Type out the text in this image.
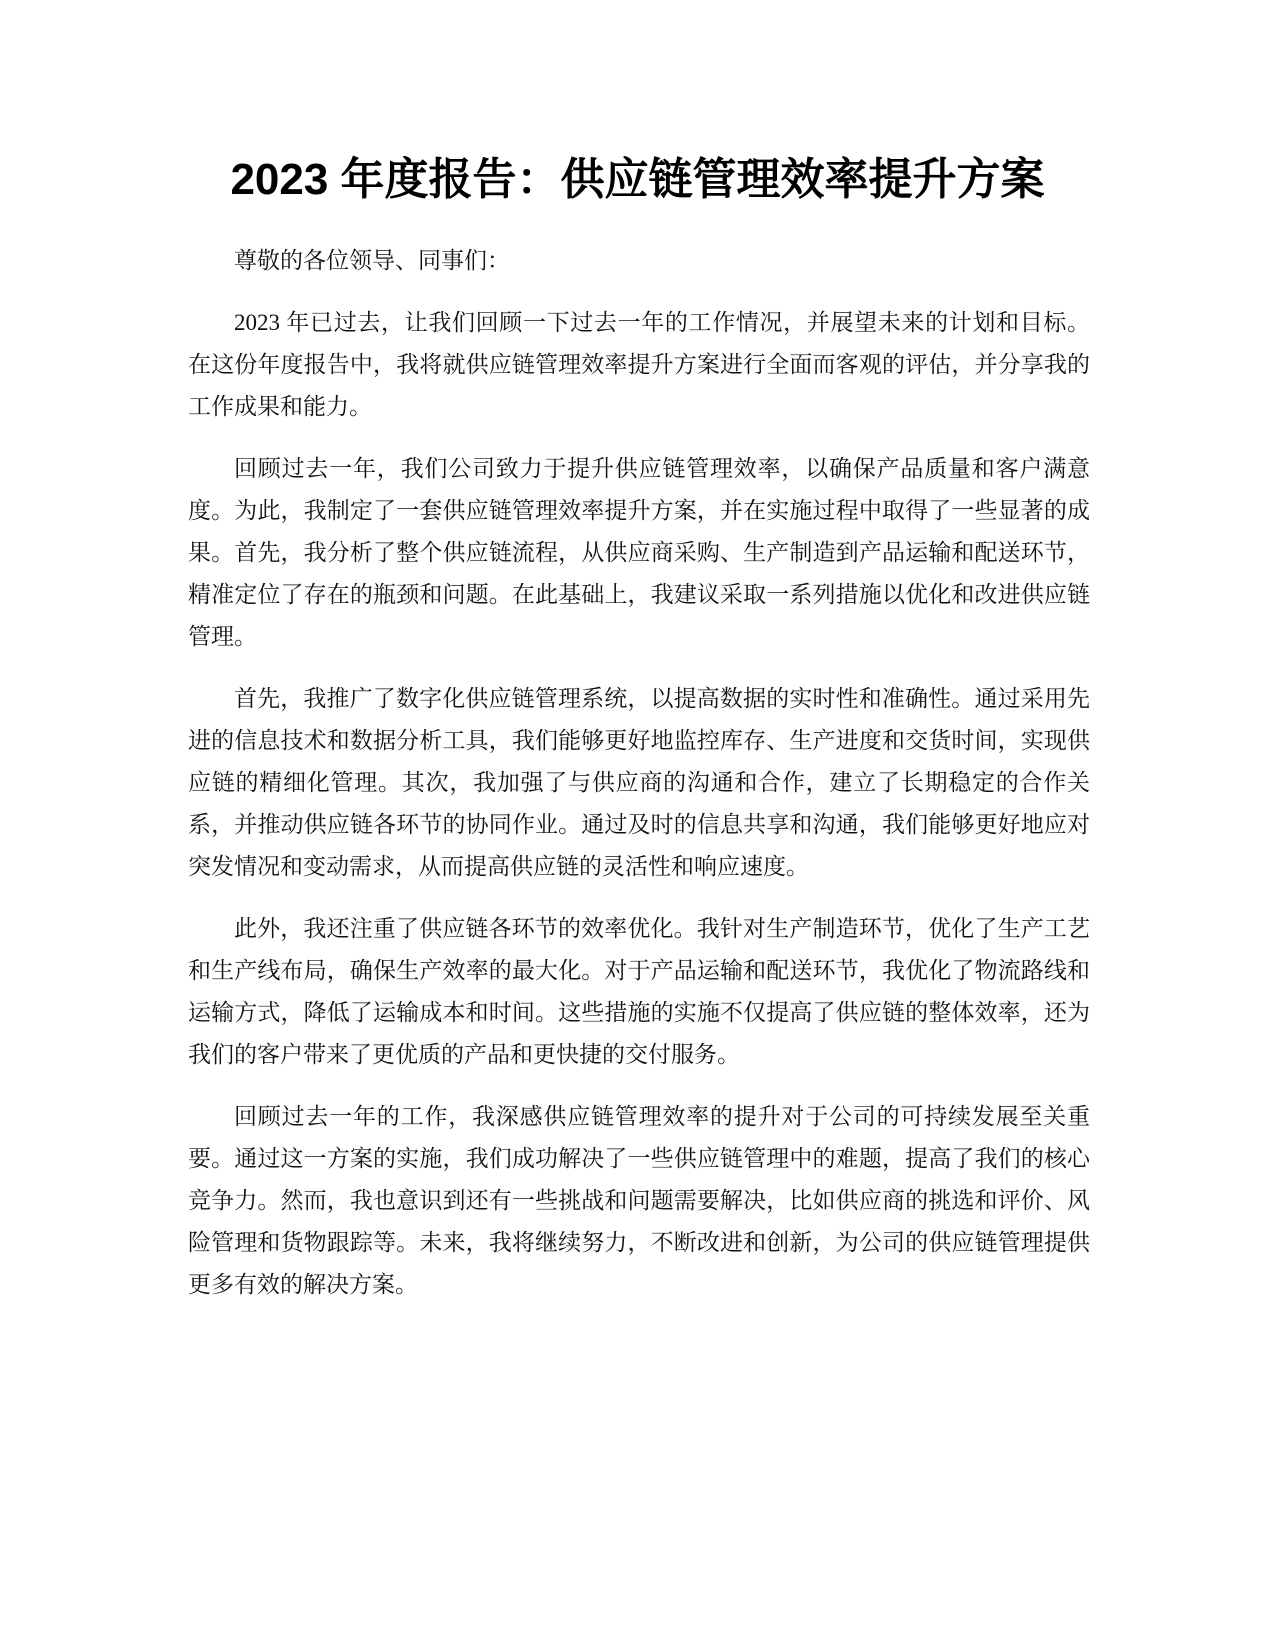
2023 年度报告：供应链管理效率提升方案

尊敬的各位领导、同事们：

2023 年已过去，让我们回顾一下过去一年的工作情况，并展望未来的计划和目标。在这份年度报告中，我将就供应链管理效率提升方案进行全面而客观的评估，并分享我的工作成果和能力。

回顾过去一年，我们公司致力于提升供应链管理效率，以确保产品质量和客户满意度。为此，我制定了一套供应链管理效率提升方案，并在实施过程中取得了一些显著的成果。首先，我分析了整个供应链流程，从供应商采购、生产制造到产品运输和配送环节，精准定位了存在的瓶颈和问题。在此基础上，我建议采取一系列措施以优化和改进供应链管理。

首先，我推广了数字化供应链管理系统，以提高数据的实时性和准确性。通过采用先进的信息技术和数据分析工具，我们能够更好地监控库存、生产进度和交货时间，实现供应链的精细化管理。其次，我加强了与供应商的沟通和合作，建立了长期稳定的合作关系，并推动供应链各环节的协同作业。通过及时的信息共享和沟通，我们能够更好地应对突发情况和变动需求，从而提高供应链的灵活性和响应速度。

此外，我还注重了供应链各环节的效率优化。我针对生产制造环节，优化了生产工艺和生产线布局，确保生产效率的最大化。对于产品运输和配送环节，我优化了物流路线和运输方式，降低了运输成本和时间。这些措施的实施不仅提高了供应链的整体效率，还为我们的客户带来了更优质的产品和更快捷的交付服务。

回顾过去一年的工作，我深感供应链管理效率的提升对于公司的可持续发展至关重要。通过这一方案的实施，我们成功解决了一些供应链管理中的难题，提高了我们的核心竞争力。然而，我也意识到还有一些挑战和问题需要解决，比如供应商的挑选和评价、风险管理和货物跟踪等。未来，我将继续努力，不断改进和创新，为公司的供应链管理提供更多有效的解决方案。
